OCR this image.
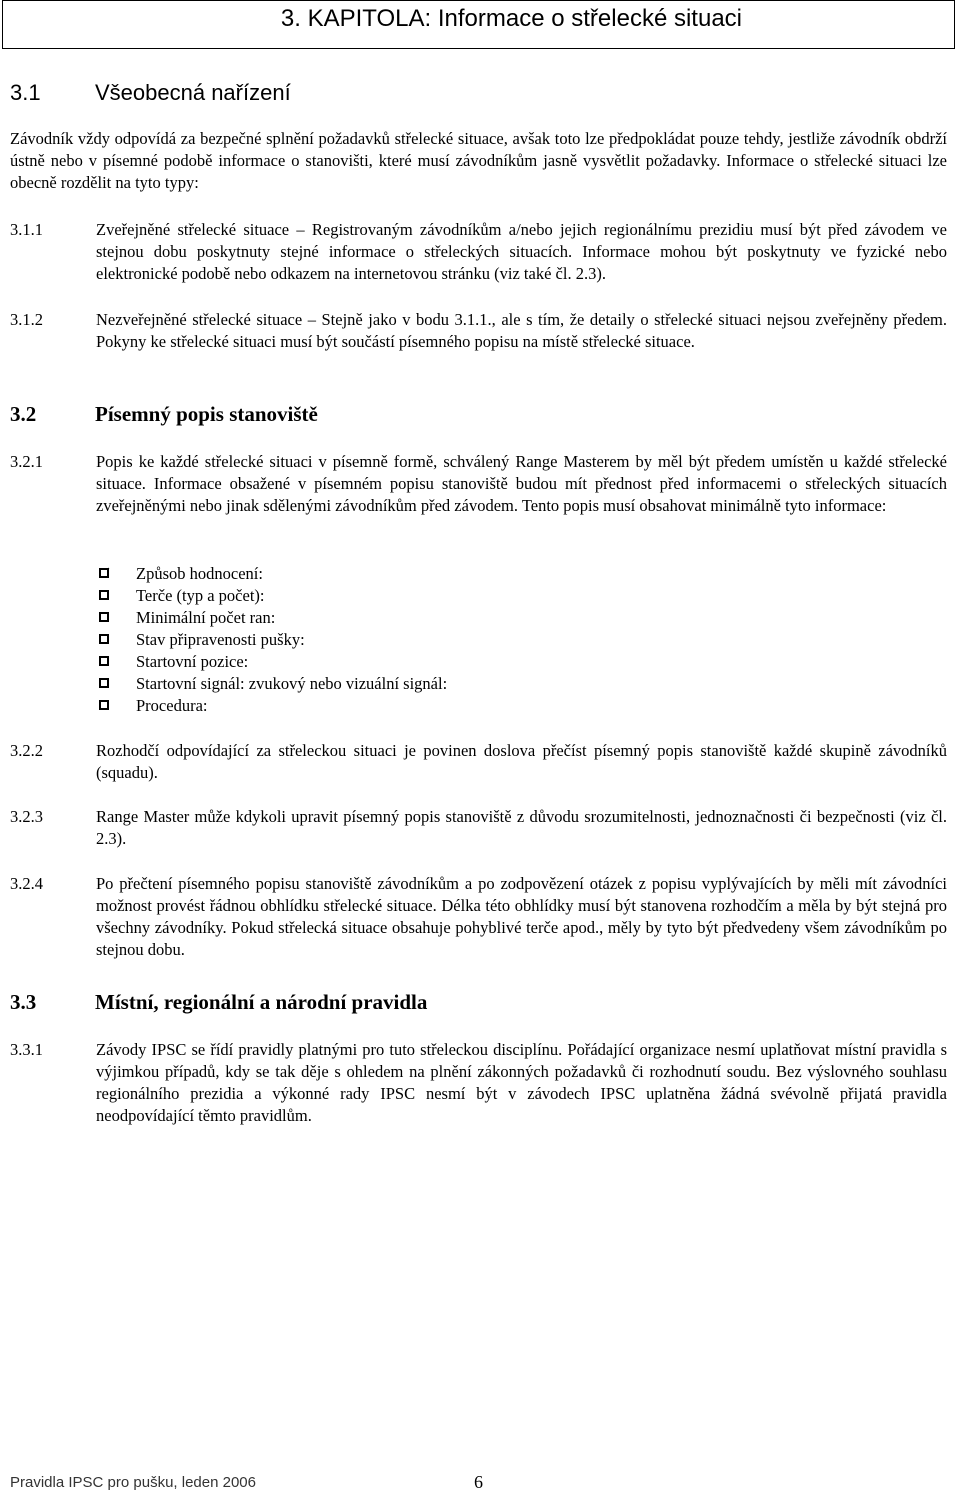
3. KAPITOLA: Informace o střelecké situaci
3.1 Všeobecná nařízení

Závodník vždy odpovídá za bezpečné splnění požadavků střelecké situace, avšak toto lze předpokládat pouze tehdy, jestliže závodník obdrží ústně nebo v písemné podobě informace o stanovišti, které musí závodníkům jasně vysvětlit požadavky. Informace o střelecké situaci lze obecně rozdělit na tyto typy:

3.1.1	Zveřejněné střelecké situace – Registrovaným závodníkům a/nebo jejich regionálnímu prezidiu musí být před závodem ve stejnou dobu poskytnuty stejné informace o střeleckých situacích. Informace mohou být poskytnuty ve fyzické nebo elektronické podobě nebo odkazem na internetovou stránku (viz také čl. 2.3).
3.1.2	Nezveřejněné střelecké situace – Stejně jako v bodu 3.1.1., ale s tím, že detaily o střelecké situaci nejsou zveřejněny předem. Pokyny ke střelecké situaci musí být součástí písemného popisu na místě střelecké situace.
3.2	Písemný popis stanoviště
3.2.1	Popis ke každé střelecké situaci v písemně formě, schválený Range Masterem by měl být předem umístěn u každé střelecké situace. Informace obsažené v písemném popisu stanoviště budou mít přednost před informacemi o střeleckých situacích zveřejněnými nebo jinak sdělenými závodníkům před závodem. Tento popis musí obsahovat minimálně tyto informace:
Způsob hodnocení:
Terče (typ a počet):
Minimální počet ran:
Stav připravenosti pušky:
Startovní pozice:
Startovní signál: zvukový nebo vizuální signál:
Procedura:
3.2.2	Rozhodčí odpovídající za střeleckou situaci je povinen doslova přečíst písemný popis stanoviště každé skupině závodníků (squadu).
3.2.3	Range Master může kdykoli upravit písemný popis stanoviště z důvodu srozumitelnosti, jednoznačnosti či bezpečnosti (viz čl. 2.3).
3.2.4	Po přečtení písemného popisu stanoviště závodníkům a po zodpovězení otázek z popisu vyplývajících by měli mít závodníci možnost provést řádnou obhlídku střelecké situace. Délka této obhlídky musí být stanovena rozhodčím a měla by být stejná pro všechny závodníky. Pokud střelecká situace obsahuje pohyblivé terče apod., měly by tyto být předvedeny všem závodníkům po stejnou dobu.
3.3	Místní, regionální a národní pravidla
3.3.1	Závody IPSC se řídí pravidly platnými pro tuto střeleckou disciplínu. Pořádající organizace nesmí uplatňovat místní pravidla s výjimkou případů, kdy se tak děje s ohledem na plnění zákonných požadavků či rozhodnutí soudu. Bez výslovného souhlasu regionálního prezidia a výkonné rady IPSC nesmí být v závodech IPSC uplatněna žádná svévolně přijatá pravidla neodpovídající těmto pravidlům.
Pravidla IPSC pro pušku, leden 2006	6
